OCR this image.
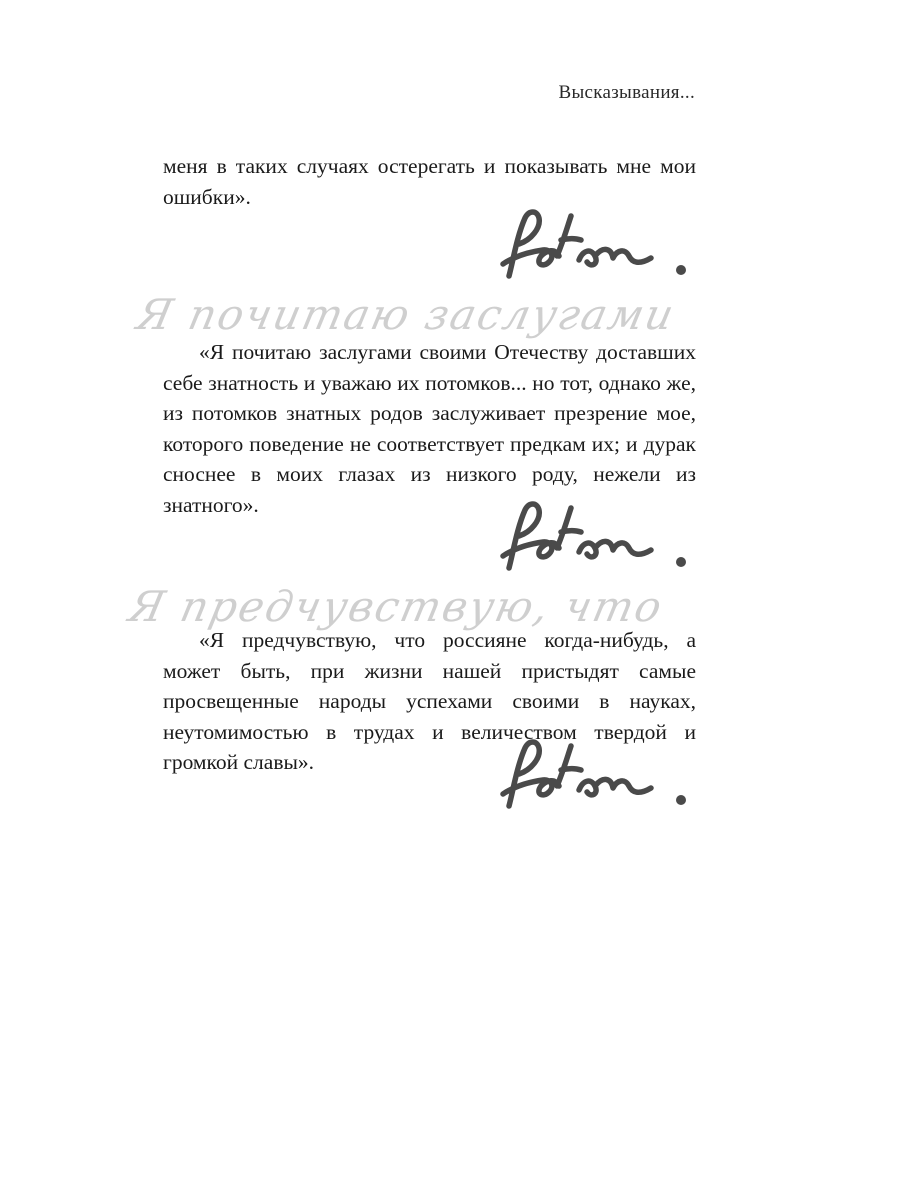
Высказывания...

меня в таких случаях остерегать и показывать мне мои ошибки».

Я почитаю заслугами

«Я почитаю заслугами своими Отечеству доставших себе знатность и уважаю их потомков... но тот, однако же, из потомков знатных родов заслуживает презрение мое, которого поведение не соответствует предкам их; и дурак сноснее в моих глазах из низкого роду, нежели из знатного».

Я предчувствую, что

«Я предчувствую, что россияне когда-нибудь, а может быть, при жизни нашей пристыдят самые просвещенные народы успехами своими в науках, неутомимостью в трудах и величеством твердой и громкой славы».
